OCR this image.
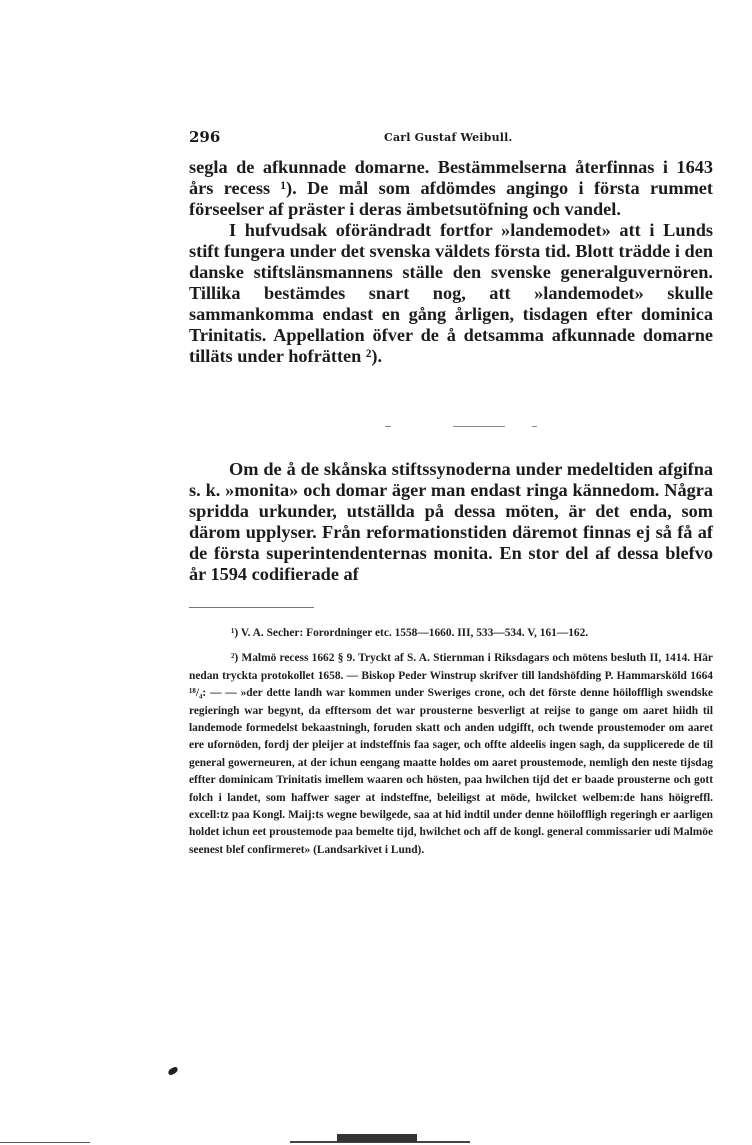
296	Carl Gustaf Weibull.

segla de afkunnade domarne. Bestämmelserna återfinnas i 1643 års recess ¹). De mål som afdömdes angingo i första rummet förseelser af präster i deras ämbetsutöfning och vandel.

I hufvudsak oförändradt fortfor »landemodet» att i Lunds stift fungera under det svenska väldets första tid. Blott trädde i den danske stiftslänsmannens ställe den svenske generalguvernören. Tillika bestämdes snart nog, att »landemodet» skulle sammankomma endast en gång årligen, tisdagen efter dominica Trinitatis. Appellation öfver de å detsamma afkunnade domarne tilläts under hofrätten ²).

Om de å de skånska stiftssynoderna under medeltiden afgifna s. k. »monita» och domar äger man endast ringa kännedom. Några spridda urkunder, utställda på dessa möten, är det enda, som därom upplyser. Från reformationstiden däremot finnas ej så få af de första superintendenternas monita. En stor del af dessa blefvo år 1594 codifierade af

¹) V. A. Secher: Forordninger etc. 1558—1660. III, 533—534. V, 161—162.

²) Malmö recess 1662 § 9. Tryckt af S. A. Stiernman i Riksdagars och mötens besluth II, 1414. Här nedan tryckta protokollet 1658. — Biskop Peder Winstrup skrifver till landshöfding P. Hammarsköld 1664 ¹⁸/₄: — — »der dette landh war kommen under Sweriges crone, och det förste denne höiloffligh swendske regieringh war begynt, da efftersom det war prousterne besverligt at reijse to gange om aaret hiidh til landemode formedelst bekaastningh, foruden skatt och anden udgifft, och twende proustemoder om aaret ere ufornöden, fordj der pleijer at indsteffnis faa sager, och offte aldeelis ingen sagh, da supplicerede de til general gowerneuren, at der ichun eengang maatte holdes om aaret proustemode, nemligh den neste tijsdag effter dominicam Trinitatis imellem waaren och hösten, paa hwilchen tijd det er baade prousterne och gott folch i landet, som haffwer sager at indsteffne, beleiligst at möde, hwilcket welbem:de hans höigreffl. excell:tz paa Kongl. Maij:ts wegne bewilgede, saa at hid indtil under denne höiloffligh regeringh er aarligen holdet ichun eet proustemode paa bemelte tijd, hwilchet och aff de kongl. general commissarier udi Malmöe seenest blef confirmeret» (Landsarkivet i Lund).
